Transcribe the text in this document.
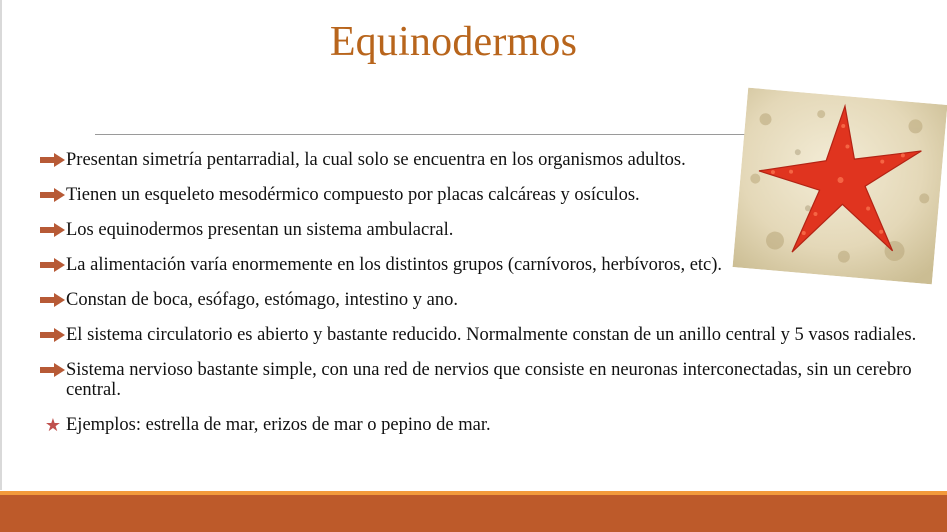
Equinodermos
Presentan simetría pentarradial, la cual solo se encuentra en los organismos adultos.
Tienen un esqueleto mesodérmico compuesto por placas calcáreas y osículos.
Los equinodermos presentan un sistema ambulacral.
La alimentación varía enormemente en los distintos grupos (carnívoros, herbívoros, etc).
Constan de boca, esófago, estómago, intestino y ano.
El sistema circulatorio es abierto y bastante reducido. Normalmente constan de un anillo central y 5 vasos radiales.
Sistema nervioso bastante simple, con una red de nervios que consiste en neuronas interconectadas, sin un cerebro central.
★ Ejemplos: estrella de mar, erizos de mar o pepino de mar.
